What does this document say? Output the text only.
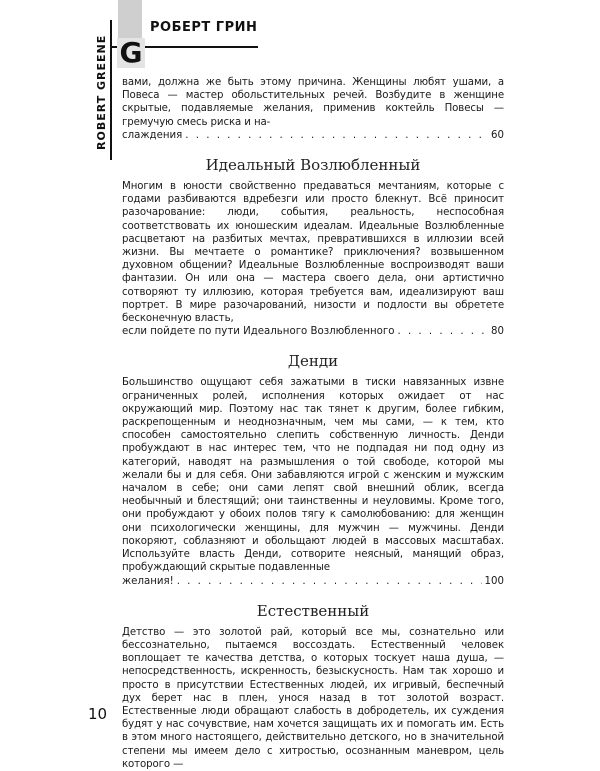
G
РОБЕРТ ГРИН
ROBERT GREENE вами, должна же быть этому причина. Женщины любят ушами, а Повеса — мастер обольстительных речей. Возбудите в женщине скрытые, подавляемые желания, применив коктейль Повесы — гремучую смесь риска и на-

слаждения . . .	60
Идеальный Возлюбленный

Многим в юности свойственно предаваться мечтаниям, которые с годами разбиваются вдребезги или просто блекнут. Всё приносит разочарование: люди, события, реальность, неспособная соответствовать их юношеским идеалам. Идеальные Возлюбленные расцветают на разбитых мечтах, превратившихся в иллюзии всей жизни. Вы мечтаете о романтике? приключения? возвышенном духовном общении? Идеальные Возлюбленные воспроизводят ваши фантазии. Он или она — мастера своего дела, они артистично сотворяют ту иллюзию, которая требуется вам, идеализируют ваш портрет. В мире разочарований, низости и подлости вы обретете бесконечную власть,

если пойдете по пути Идеального Возлюбленного . . .	80
Денди

Большинство ощущают себя зажатыми в тиски навязанных извне ограниченных ролей, исполнения которых ожидает от нас окружающий мир. Поэтому нас так тянет к другим, более гибким, раскрепощенным и неоднозначным, чем мы сами, — к тем, кто способен самостоятельно слепить собственную личность. Денди пробуждают в нас интерес тем, что не подпадая ни под одну из категорий, наводят на размышления о той свободе, которой мы желали бы и для себя. Они забавляются игрой с женским и мужским началом в себе; они сами лепят свой внешний облик, всегда необычный и блестящий; они таинственны и неуловимы. Кроме того, они пробуждают у обоих полов тягу к самолюбованию: для женщин они психологически женщины, для мужчин — мужчины. Денди покоряют, соблазняют и обольщают людей в массовых масштабах. Используйте власть Денди, сотворите неясный, манящий образ, пробуждающий скрытые подавленные

желания! . . .	100
Естественный

Детство — это золотой рай, который все мы, сознательно или бессознательно, пытаемся воссоздать. Естественный человек воплощает те качества детства, о которых тоскует наша душа, — непосредственность, искренность, безыскусность. Нам так хорошо и просто в присутствии Естественных людей, их игривый, беспечный дух берет нас в плен, унося назад в тот золотой возраст. Естественные люди обращают слабость в добродетель, их суждения будят у нас сочувствие, нам хочется защищать их и помогать им. Есть в этом много настоящего, действительно детского, но в значительной степени мы имеем дело с хитростью, осознанным маневром, цель которого —

10
